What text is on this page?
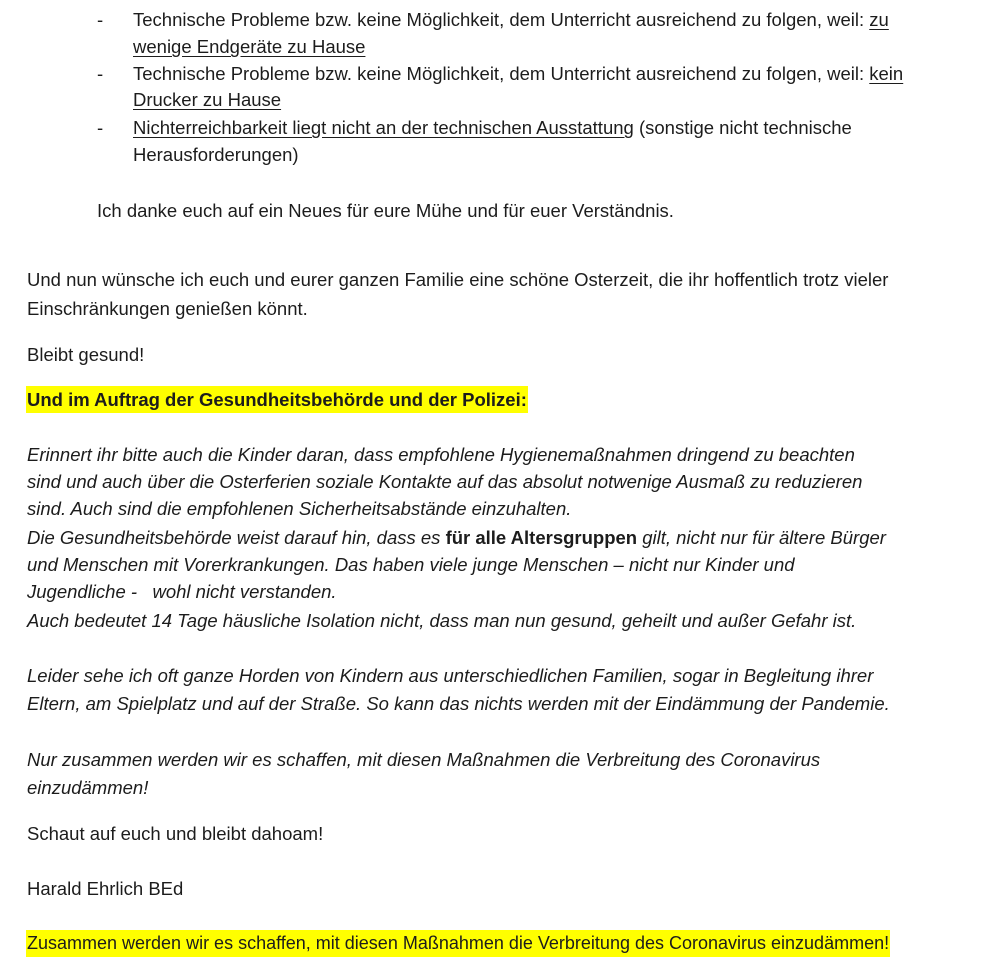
- Technische Probleme bzw. keine Möglichkeit, dem Unterricht ausreichend zu folgen, weil: zu
wenige Endgeräte zu Hause
- Technische Probleme bzw. keine Möglichkeit, dem Unterricht ausreichend zu folgen, weil: kein
Drucker zu Hause
- Nichterreichbarkeit liegt nicht an der technischen Ausstattung (sonstige nicht technische
Herausforderungen)
Ich danke euch auf ein Neues für eure Mühe und für euer Verständnis.
Und nun wünsche ich euch und eurer ganzen Familie eine schöne Osterzeit, die ihr hoffentlich trotz vieler
Einschränkungen genießen könnt.
Bleibt gesund!
Und im Auftrag der Gesundheitsbehörde und der Polizei:
Erinnert ihr bitte auch die Kinder daran, dass empfohlene Hygienemaßnahmen dringend zu beachten
sind und auch über die Osterferien soziale Kontakte auf das absolut notwenige Ausmaß zu reduzieren
sind. Auch sind die empfohlenen Sicherheitsabstände einzuhalten.
Die Gesundheitsbehörde weist darauf hin, dass es für alle Altersgruppen gilt, nicht nur für ältere Bürger
und Menschen mit Vorerkrankungen. Das haben viele junge Menschen – nicht nur Kinder und
Jugendliche -   wohl nicht verstanden.
Auch bedeutet 14 Tage häusliche Isolation nicht, dass man nun gesund, geheilt und außer Gefahr ist.
Leider sehe ich oft ganze Horden von Kindern aus unterschiedlichen Familien, sogar in Begleitung ihrer
Eltern, am Spielplatz und auf der Straße. So kann das nichts werden mit der Eindämmung der Pandemie.
Nur zusammen werden wir es schaffen, mit diesen Maßnahmen die Verbreitung des Coronavirus
einzudämmen!
Schaut auf euch und bleibt dahoam!
Harald Ehrlich BEd
Zusammen werden wir es schaffen, mit diesen Maßnahmen die Verbreitung des Coronavirus einzudämmen!
